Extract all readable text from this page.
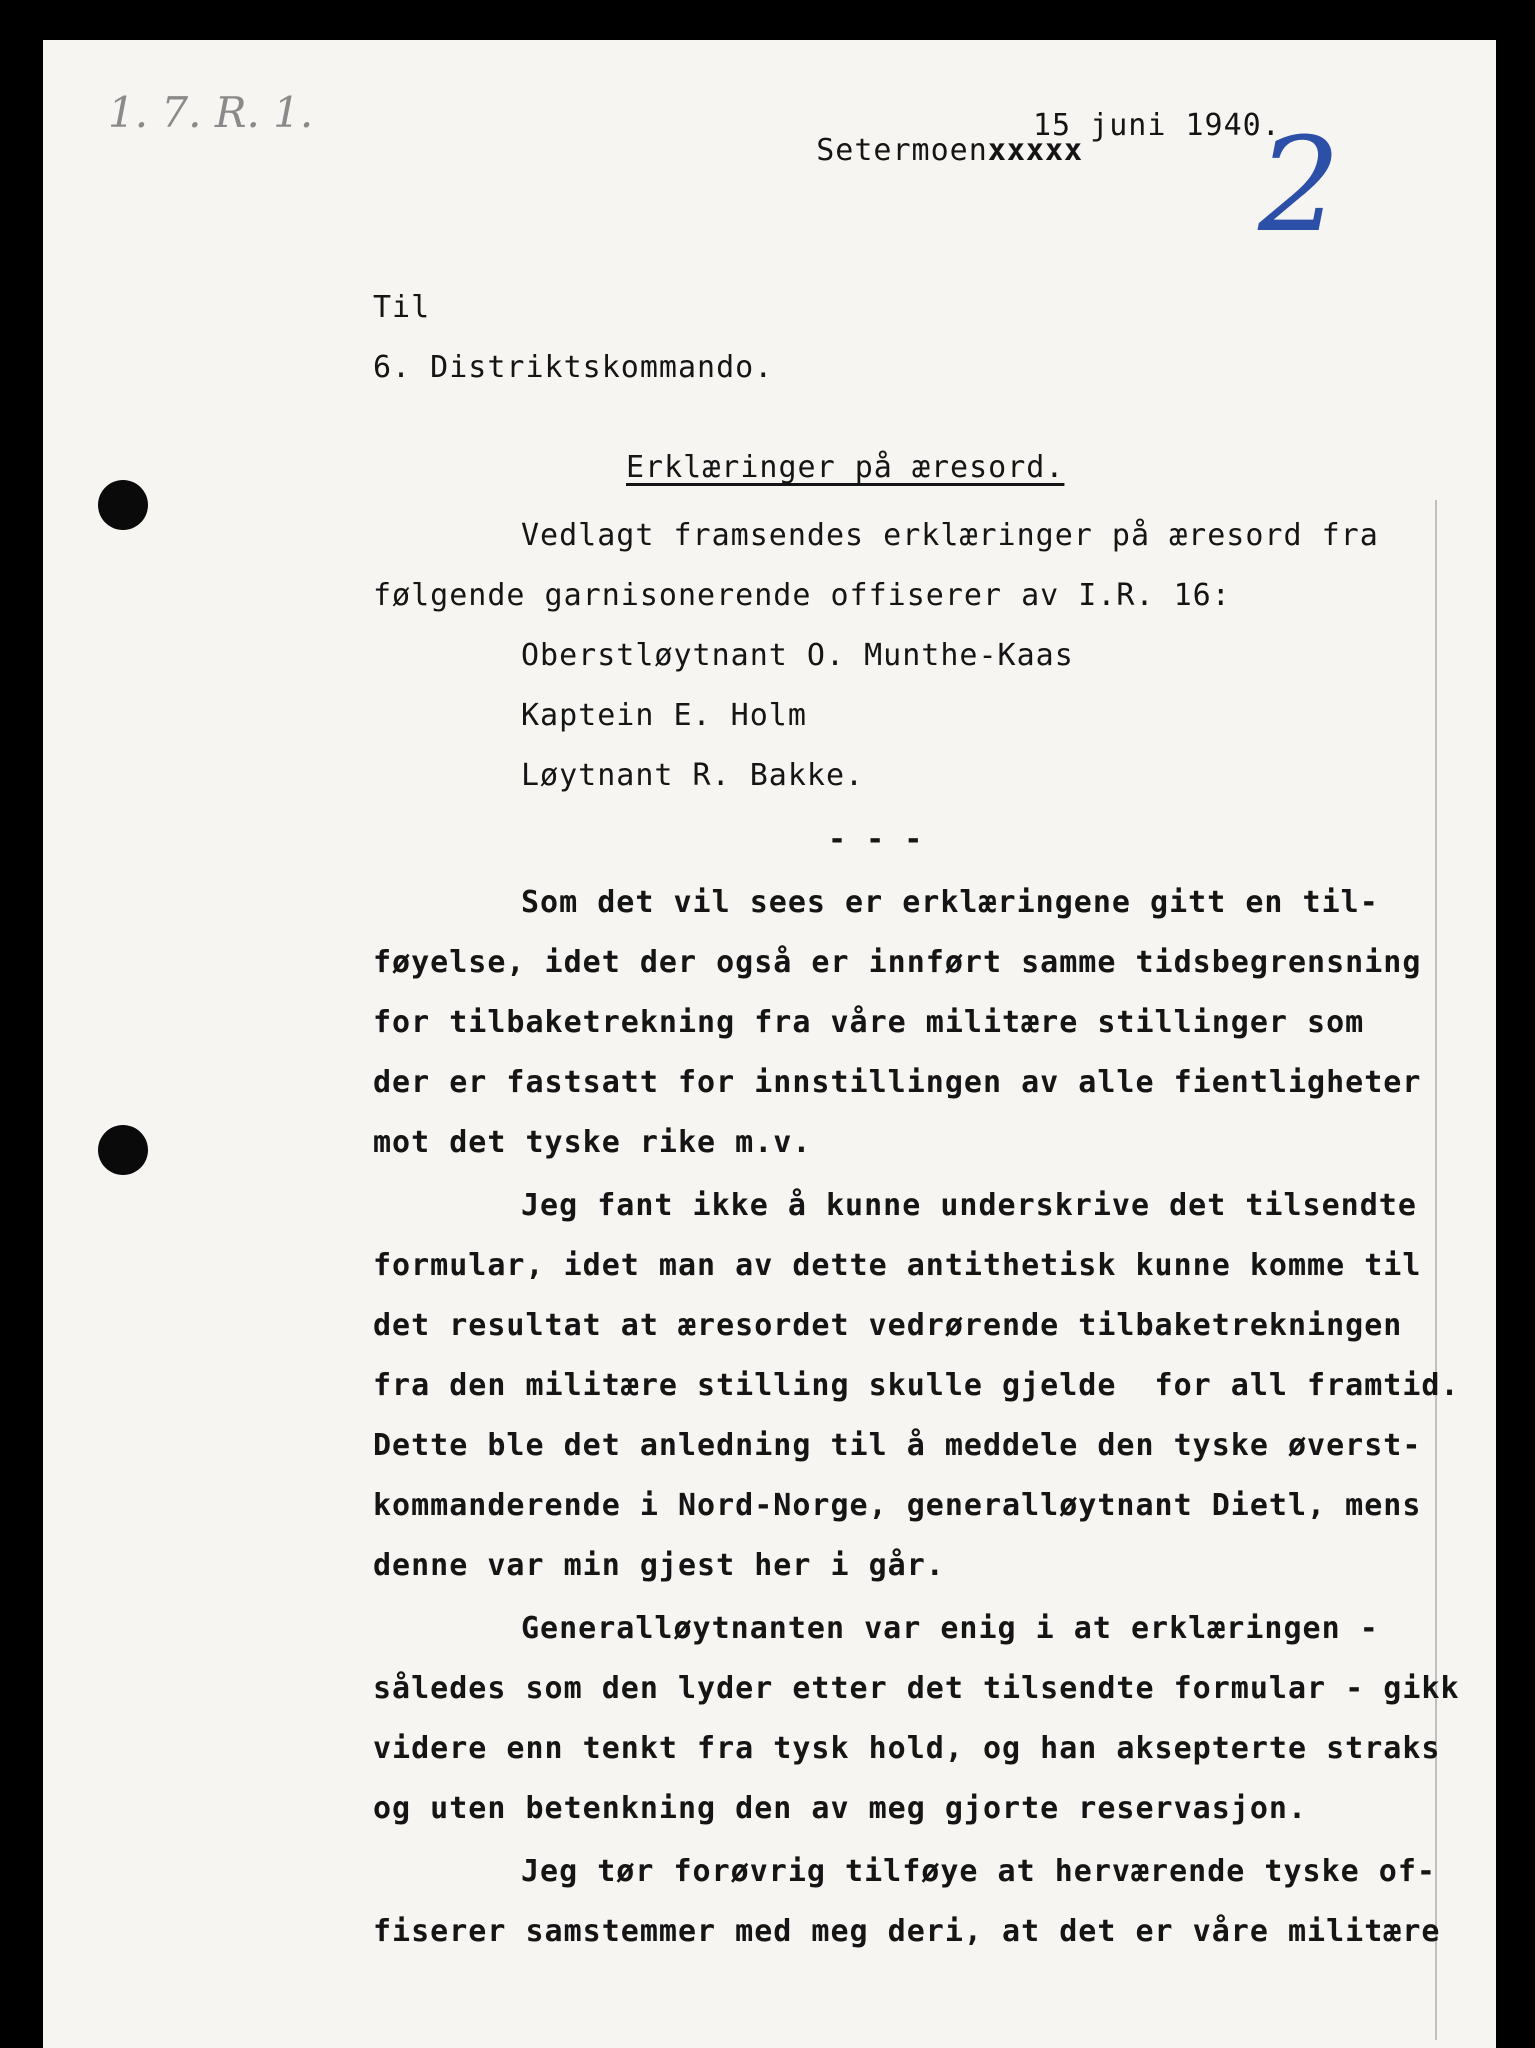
1. 7. R. 1.

Setermoenxxxxx

15 juni 1940.
2
Til
6. Distriktskommando.
Erklæringer på æresord.
Vedlagt framsendes erklæringer på æresord fra
følgende garnisonerende offiserer av I.R. 16:
Oberstløytnant O. Munthe-Kaas
Kaptein E. Holm
Løytnant R. Bakke.
- - -
Som det vil sees er erklæringene gitt en til-
føyelse, idet der også er innført samme tidsbegrensning
for tilbaketrekning fra våre militære stillinger som
der er fastsatt for innstillingen av alle fientligheter
mot det tyske rike m.v.
Jeg fant ikke å kunne underskrive det tilsendte
formular, idet man av dette antithetisk kunne komme til
det resultat at æresordet vedrørende tilbaketrekningen
fra den militære stilling skulle gjelde  for all framtid.
Dette ble det anledning til å meddele den tyske øverst-
kommanderende i Nord-Norge, generalløytnant Dietl, mens
denne var min gjest her i går.
Generalløytnanten var enig i at erklæringen -
således som den lyder etter det tilsendte formular - gikk
videre enn tenkt fra tysk hold, og han aksepterte straks
og uten betenkning den av meg gjorte reservasjon.
Jeg tør forøvrig tilføye at herværende tyske of-
fiserer samstemmer med meg deri, at det er våre militære
